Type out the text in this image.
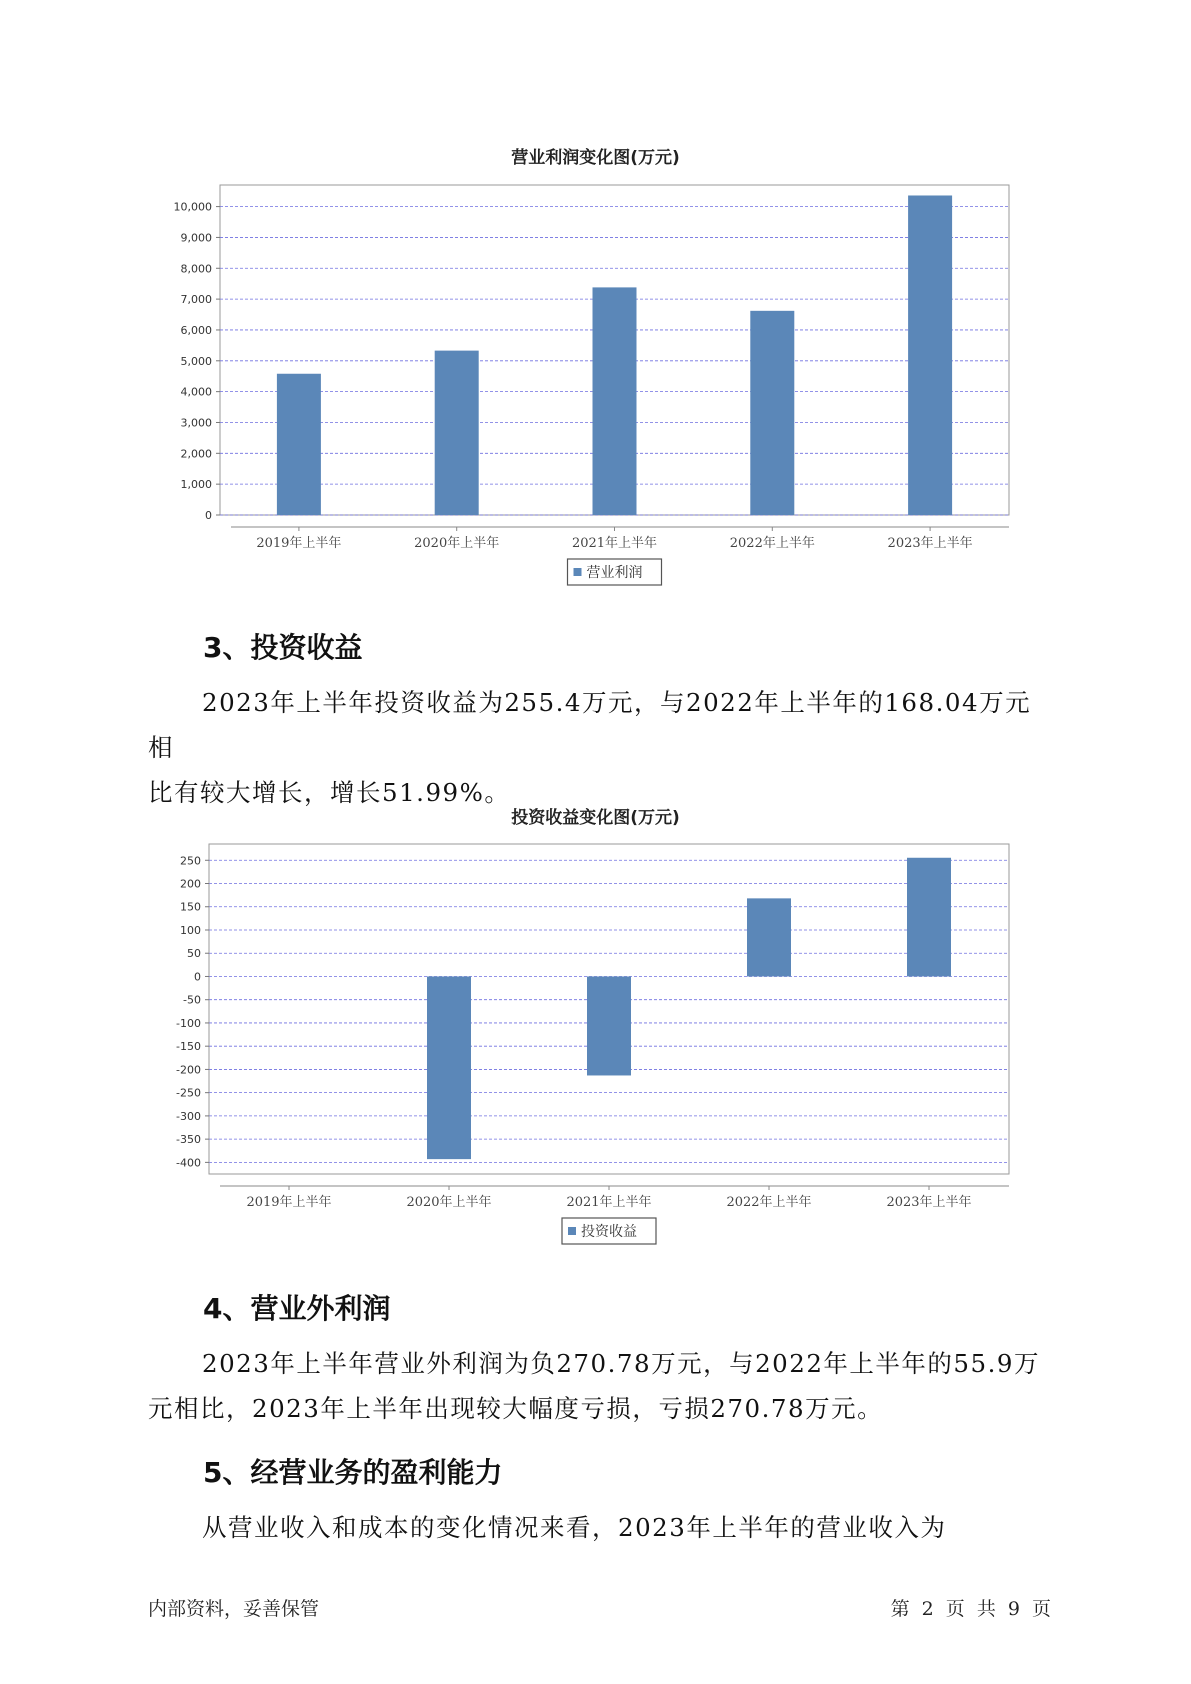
营业利润变化图(万元)
0
1,000
2,000
3,000
4,000
5,000
6,000
7,000
8,000
9,000
10,000
2019年上半年	2020年上半年	2021年上半年	2022年上半年	2023年上半年
营业利润
3、投资收益
2023年上半年投资收益为255.4万元，与2022年上半年的168.04万元相
比有较大增长，增长51.99%。
投资收益变化图(万元)
-400
-350
-300
-250
-200
-150
-100
-50
0
50
100
150
200
250
2019年上半年	2020年上半年	2021年上半年	2022年上半年	2023年上半年
投资收益
4、营业外利润
2023年上半年营业外利润为负270.78万元，与2022年上半年的55.9万
元相比，2023年上半年出现较大幅度亏损，亏损270.78万元。
5、经营业务的盈利能力
从营业收入和成本的变化情况来看，2023年上半年的营业收入为
内部资料，妥善保管	第 2 页 共 9 页
